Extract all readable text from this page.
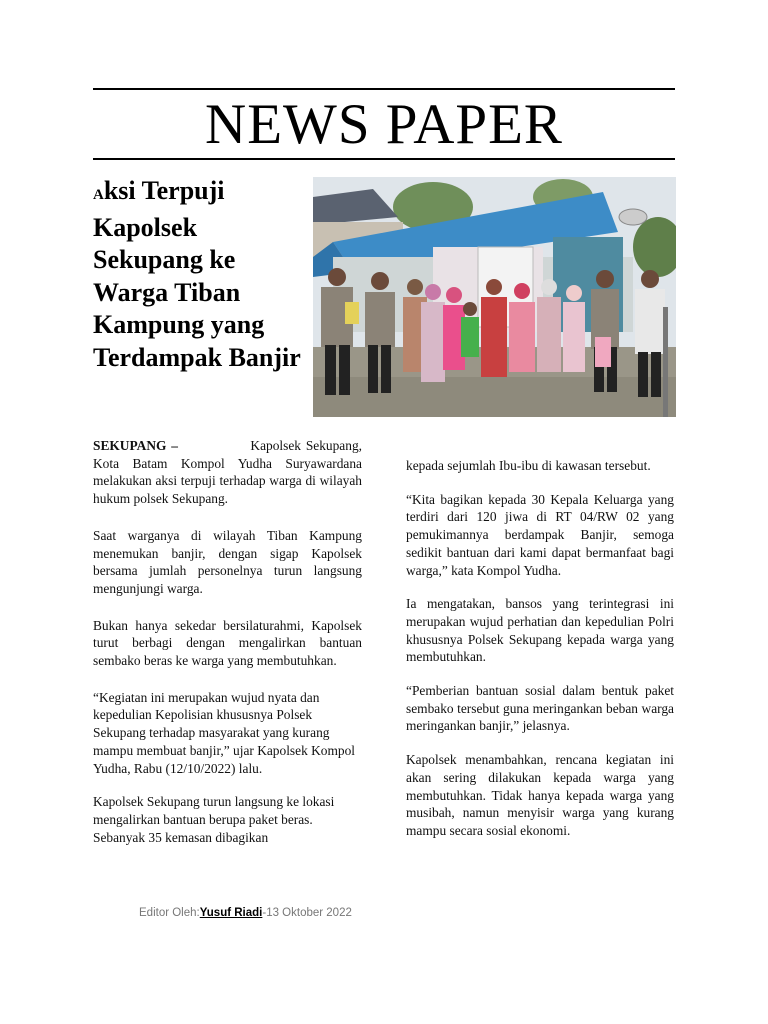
NEWS PAPER
Aksi Terpuji Kapolsek Sekupang ke Warga Tiban Kampung yang Terdampak Banjir

SEKUPANG –	Kapolsek Sekupang, Kota Batam Kompol Yudha Suryawardana melakukan aksi terpuji terhadap warga di wilayah hukum polsek Sekupang.

Saat warganya di wilayah Tiban Kampung menemukan banjir, dengan sigap Kapolsek bersama jumlah personelnya turun langsung mengunjungi warga.

Bukan hanya sekedar bersilaturahmi, Kapolsek turut berbagi dengan mengalirkan bantuan sembako beras ke warga yang membutuhkan.

“Kegiatan ini merupakan wujud nyata dan kepedulian Kepolisian khususnya Polsek Sekupang terhadap masyarakat yang kurang mampu membuat banjir,” ujar Kapolsek Kompol Yudha, Rabu (12/10/2022) lalu.

Kapolsek Sekupang turun langsung ke lokasi mengalirkan bantuan berupa paket beras. Sebanyak 35 kemasan dibagikan

kepada sejumlah Ibu-ibu di kawasan tersebut.

“Kita bagikan kepada 30 Kepala Keluarga yang terdiri dari 120 jiwa di RT 04/RW 02 yang pemukimannya berdampak Banjir, semoga sedikit bantuan dari kami dapat bermanfaat bagi warga,” kata Kompol Yudha.

Ia mengatakan, bansos yang terintegrasi ini merupakan wujud perhatian dan kepedulian Polri khususnya Polsek Sekupang kepada warga yang membutuhkan.

“Pemberian bantuan sosial dalam bentuk paket sembako tersebut guna meringankan beban warga meringankan banjir,” jelasnya.

Kapolsek menambahkan, rencana kegiatan ini akan sering dilakukan kepada warga yang membutuhkan. Tidak hanya kepada warga yang musibah, namun menyisir warga yang kurang mampu secara sosial ekonomi.

Editor Oleh:Yusuf Riadi-13 Oktober 2022
